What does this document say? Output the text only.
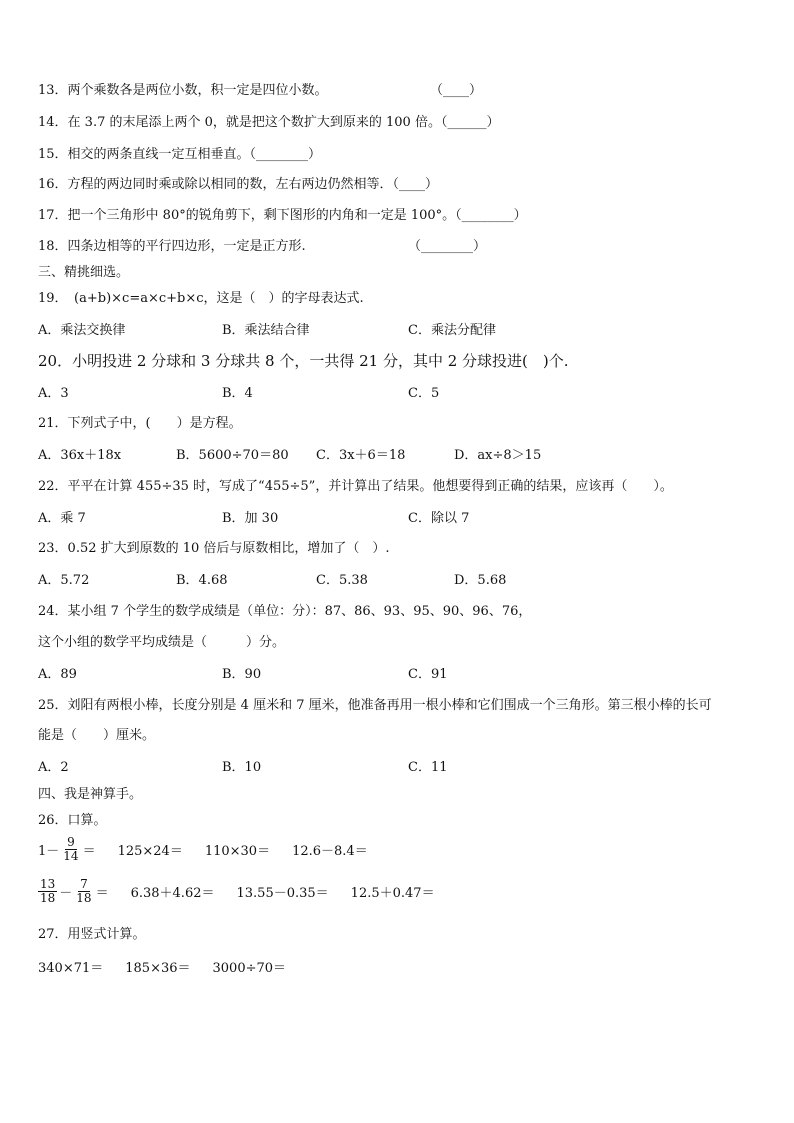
13．两个乘数各是两位小数，积一定是四位小数。	（____）
14．在 3.7 的末尾添上两个 0，就是把这个数扩大到原来的 100 倍。（______）
15．相交的两条直线一定互相垂直。（________）
16．方程的两边同时乘或除以相同的数，左右两边仍然相等．（____）
17．把一个三角形中 80°的锐角剪下，剩下图形的内角和一定是 100°。（________）
18．四条边相等的平行四边形，一定是正方形.	（________）
三、精挑细选。
19．　(a+b)×c=a×c+b×c，这是（　）的字母表达式.
A．乘法交换律	B．乘法结合律	C．乘法分配律
20．小明投进 2 分球和 3 分球共 8 个，一共得 21 分，其中 2 分球投进(　)个.
A．3	B．4	C．5
21．下列式子中，(　　）是方程。
A．36x＋18x	B．5600÷70＝80 C．3x＋6＝18	D．ax÷8＞15
22．平平在计算 455÷35 时，写成了“455÷5”，并计算出了结果。他想要得到正确的结果，应该再（　　）。
A．乘 7	B．加 30	C．除以 7
23．0.52 扩大到原数的 10 倍后与原数相比，增加了（　）.
A．5.72	B．4.68	C．5.38	D．5.68
24．某小组 7 个学生的数学成绩是（单位：分）：87、86、93、95、90、96、76，
这个小组的数学平均成绩是（　　　）分。
A．89	B．90	C．91
25．刘阳有两根小棒，长度分别是 4 厘米和 7 厘米，他准备再用一根小棒和它们围成一个三角形。第三根小棒的长可
能是（　　）厘米。
A．2	B．10	C．11
四、我是神算手。
26．口算。
$1- \frac{9}{14} = 125\times 24= 110\times 30= 12.6-8.4=$
$\frac{13}{18} - \frac{7}{18} = 6.38+4.62= 13.55-0.35= 12.5+0.47=$
27．用竖式计算。
340×71＝ 185×36＝ 3000÷70＝
